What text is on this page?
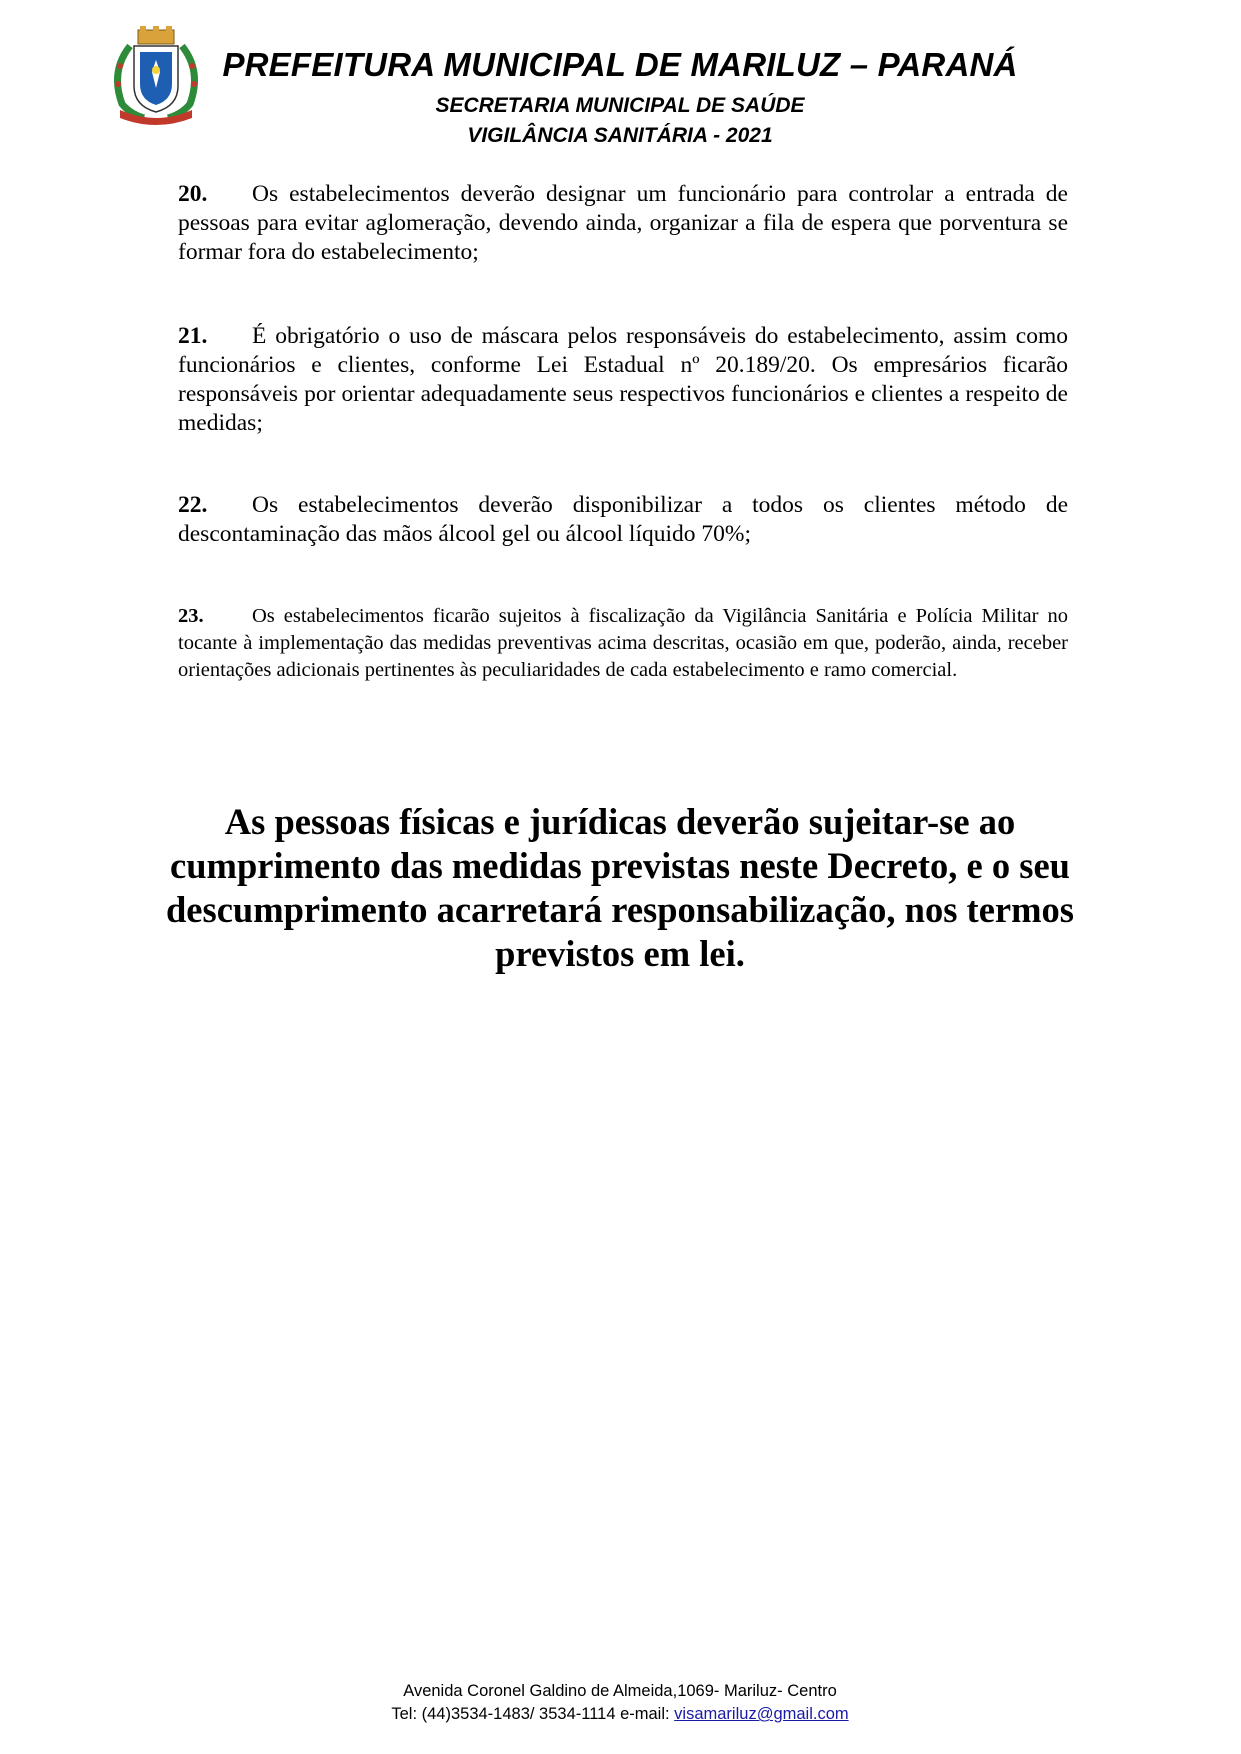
PREFEITURA MUNICIPAL DE MARILUZ – PARANÁ
SECRETARIA MUNICIPAL DE SAÚDE
VIGILÂNCIA SANITÁRIA - 2021
20. Os estabelecimentos deverão designar um funcionário para controlar a entrada de pessoas para evitar aglomeração, devendo ainda, organizar a fila de espera que porventura se formar fora do estabelecimento;
21. É obrigatório o uso de máscara pelos responsáveis do estabelecimento, assim como funcionários e clientes, conforme Lei Estadual nº 20.189/20. Os empresários ficarão responsáveis por orientar adequadamente seus respectivos funcionários e clientes a respeito de medidas;
22. Os estabelecimentos deverão disponibilizar a todos os clientes método de descontaminação das mãos álcool gel ou álcool líquido 70%;
23. Os estabelecimentos ficarão sujeitos à fiscalização da Vigilância Sanitária e Polícia Militar no tocante à implementação das medidas preventivas acima descritas, ocasião em que, poderão, ainda, receber orientações adicionais pertinentes às peculiaridades de cada estabelecimento e ramo comercial.
As pessoas físicas e jurídicas deverão sujeitar-se ao cumprimento das medidas previstas neste Decreto, e o seu descumprimento acarretará responsabilização, nos termos previstos em lei.
Avenida Coronel Galdino de Almeida,1069- Mariluz- Centro
Tel: (44)3534-1483/ 3534-1114 e-mail: visamariluz@gmail.com
